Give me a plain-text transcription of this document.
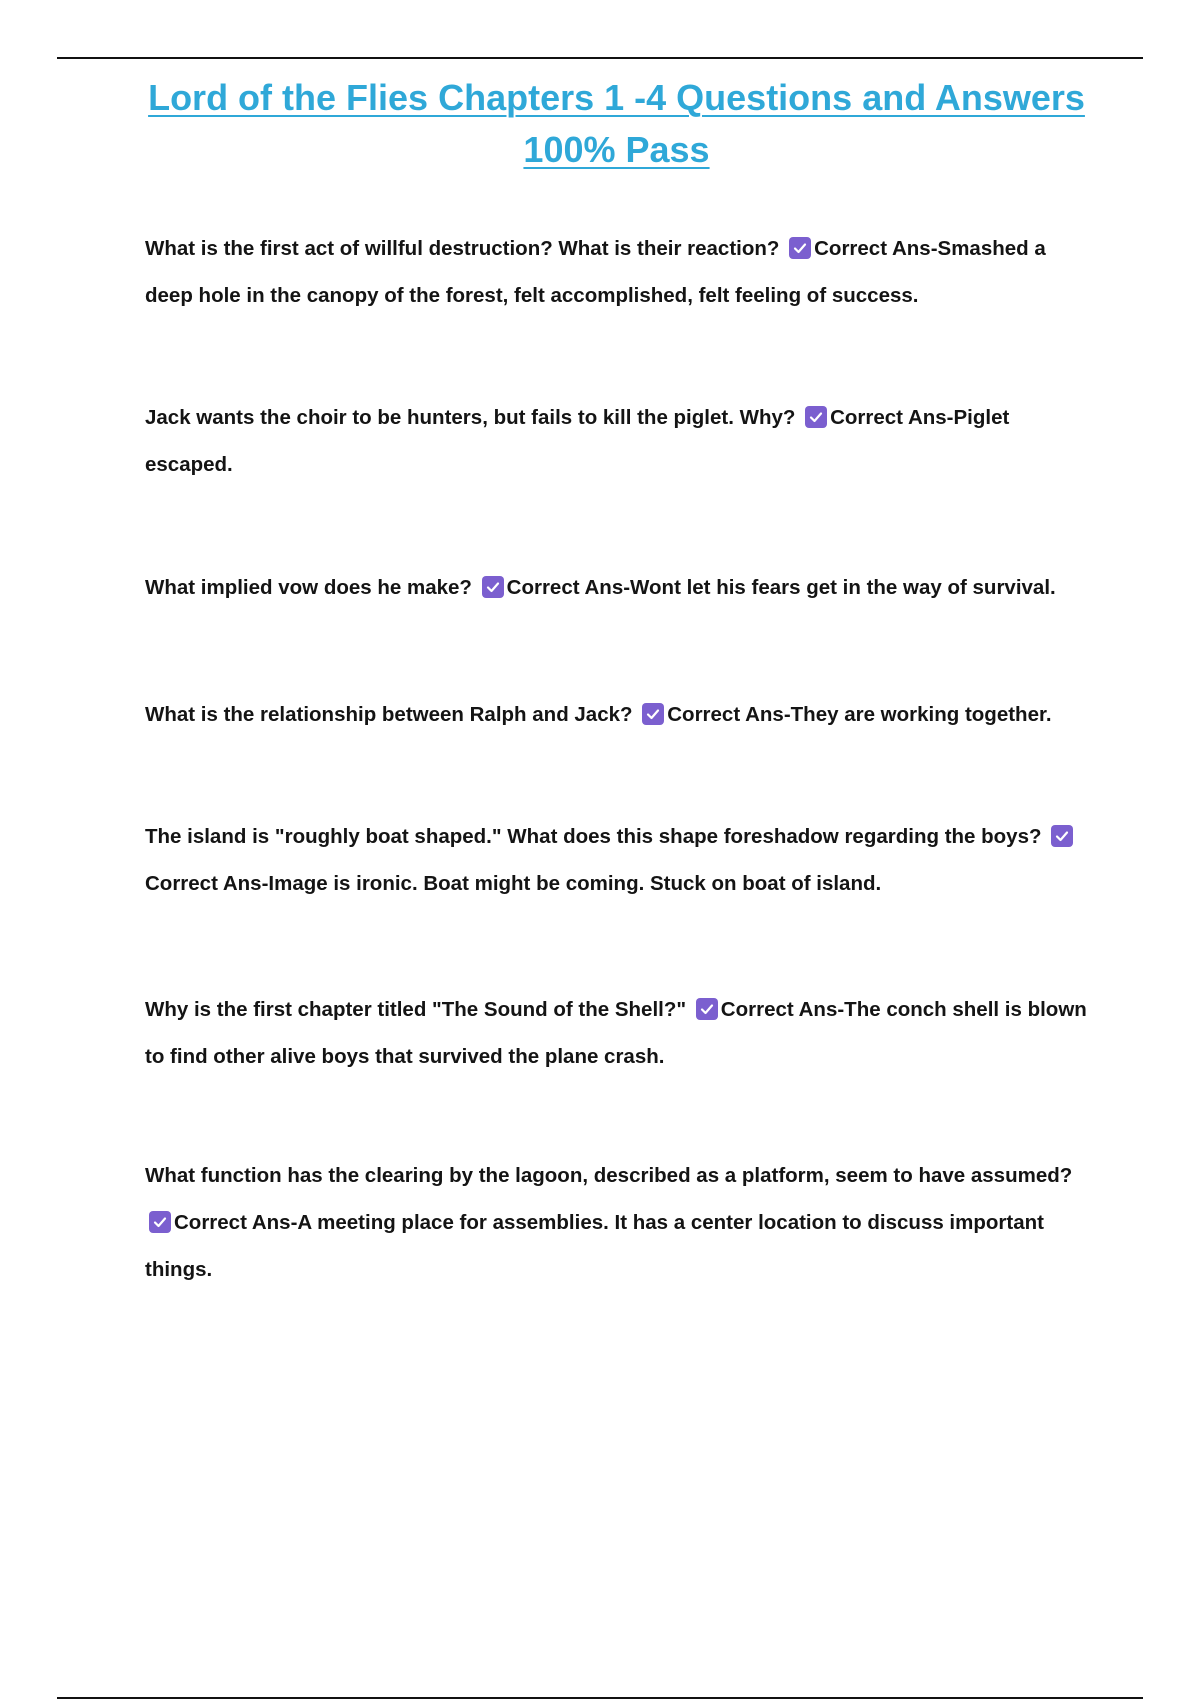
Lord of the Flies Chapters 1 -4 Questions and Answers
100% Pass

What is the first act of willful destruction? What is their reaction? Correct Ans-Smashed a deep hole in the canopy of the forest, felt accomplished, felt feeling of success.

Jack wants the choir to be hunters, but fails to kill the piglet. Why? Correct Ans-Piglet escaped.

What implied vow does he make? Correct Ans-Wont let his fears get in the way of survival.

What is the relationship between Ralph and Jack? Correct Ans-They are working together.

The island is "roughly boat shaped." What does this shape foreshadow regarding the boys?
Correct Ans-Image is ironic. Boat might be coming. Stuck on boat of island.

Why is the first chapter titled "The Sound of the Shell?" Correct Ans-The conch shell is blown to find other alive boys that survived the plane crash.

What function has the clearing by the lagoon, described as a platform, seem to have assumed?
Correct Ans-A meeting place for assemblies. It has a center location to discuss important things.
